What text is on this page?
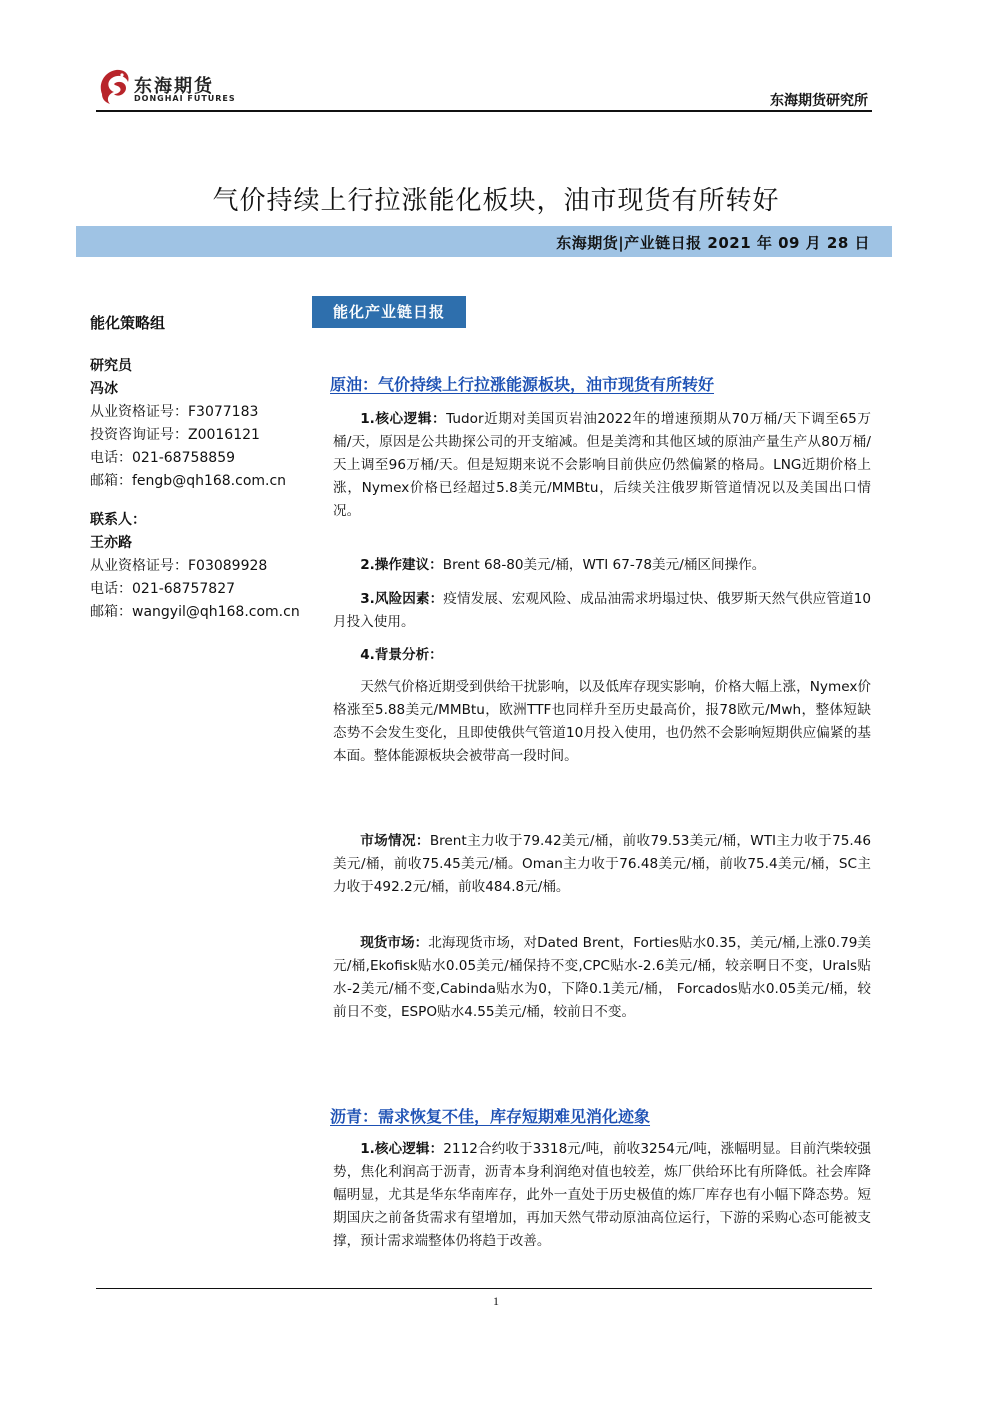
东海期货
DONGHAI FUTURES	东海期货研究所
气价持续上行拉涨能化板块，油市现货有所转好
东海期货|产业链日报 2021 年 09 月 28 日
能化策略组
研究员
冯冰
从业资格证号：F3077183
投资咨询证号：Z0016121
电话：021-68758859
邮箱：fengb@qh168.com.cn
联系人：
王亦路
从业资格证号：F03089928
电话：021-68757827
邮箱：wangyil@qh168.com.cn
能化产业链日报
原油：气价持续上行拉涨能源板块，油市现货有所转好

1.核心逻辑：Tudor近期对美国页岩油2022年的增速预期从70万桶/天下调至65万桶/天，原因是公共勘探公司的开支缩减。但是美湾和其他区域的原油产量生产从80万桶/天上调至96万桶/天。但是短期来说不会影响目前供应仍然偏紧的格局。LNG近期价格上涨，Nymex价格已经超过5.8美元/MMBtu，后续关注俄罗斯管道情况以及美国出口情况。

2.操作建议：Brent 68-80美元/桶，WTI 67-78美元/桶区间操作。

3.风险因素：疫情发展、宏观风险、成品油需求坍塌过快、俄罗斯天然气供应管道10月投入使用。

4.背景分析：

天然气价格近期受到供给干扰影响，以及低库存现实影响，价格大幅上涨，Nymex价格涨至5.88美元/MMBtu，欧洲TTF也同样升至历史最高价，报78欧元/Mwh，整体短缺态势不会发生变化，且即使俄供气管道10月投入使用，也仍然不会影响短期供应偏紧的基本面。整体能源板块会被带高一段时间。

市场情况：Brent主力收于79.42美元/桶，前收79.53美元/桶，WTI主力收于75.46美元/桶，前收75.45美元/桶。Oman主力收于76.48美元/桶，前收75.4美元/桶，SC主力收于492.2元/桶，前收484.8元/桶。

现货市场：北海现货市场，对Dated Brent，Forties贴水0.35，美元/桶,上涨0.79美元/桶,Ekofisk贴水0.05美元/桶保持不变,CPC贴水-2.6美元/桶，较亲啊日不变，Urals贴水-2美元/桶不变,Cabinda贴水为0，下降0.1美元/桶， Forcados贴水0.05美元/桶，较前日不变，ESPO贴水4.55美元/桶，较前日不变。

沥青：需求恢复不佳，库存短期难见消化迹象

1.核心逻辑：2112合约收于3318元/吨，前收3254元/吨，涨幅明显。目前汽柴较强势，焦化利润高于沥青，沥青本身利润绝对值也较差，炼厂供给环比有所降低。社会库降幅明显，尤其是华东华南库存，此外一直处于历史极值的炼厂库存也有小幅下降态势。短期国庆之前备货需求有望增加，再加天然气带动原油高位运行，下游的采购心态可能被支撑，预计需求端整体仍将趋于改善。

1
